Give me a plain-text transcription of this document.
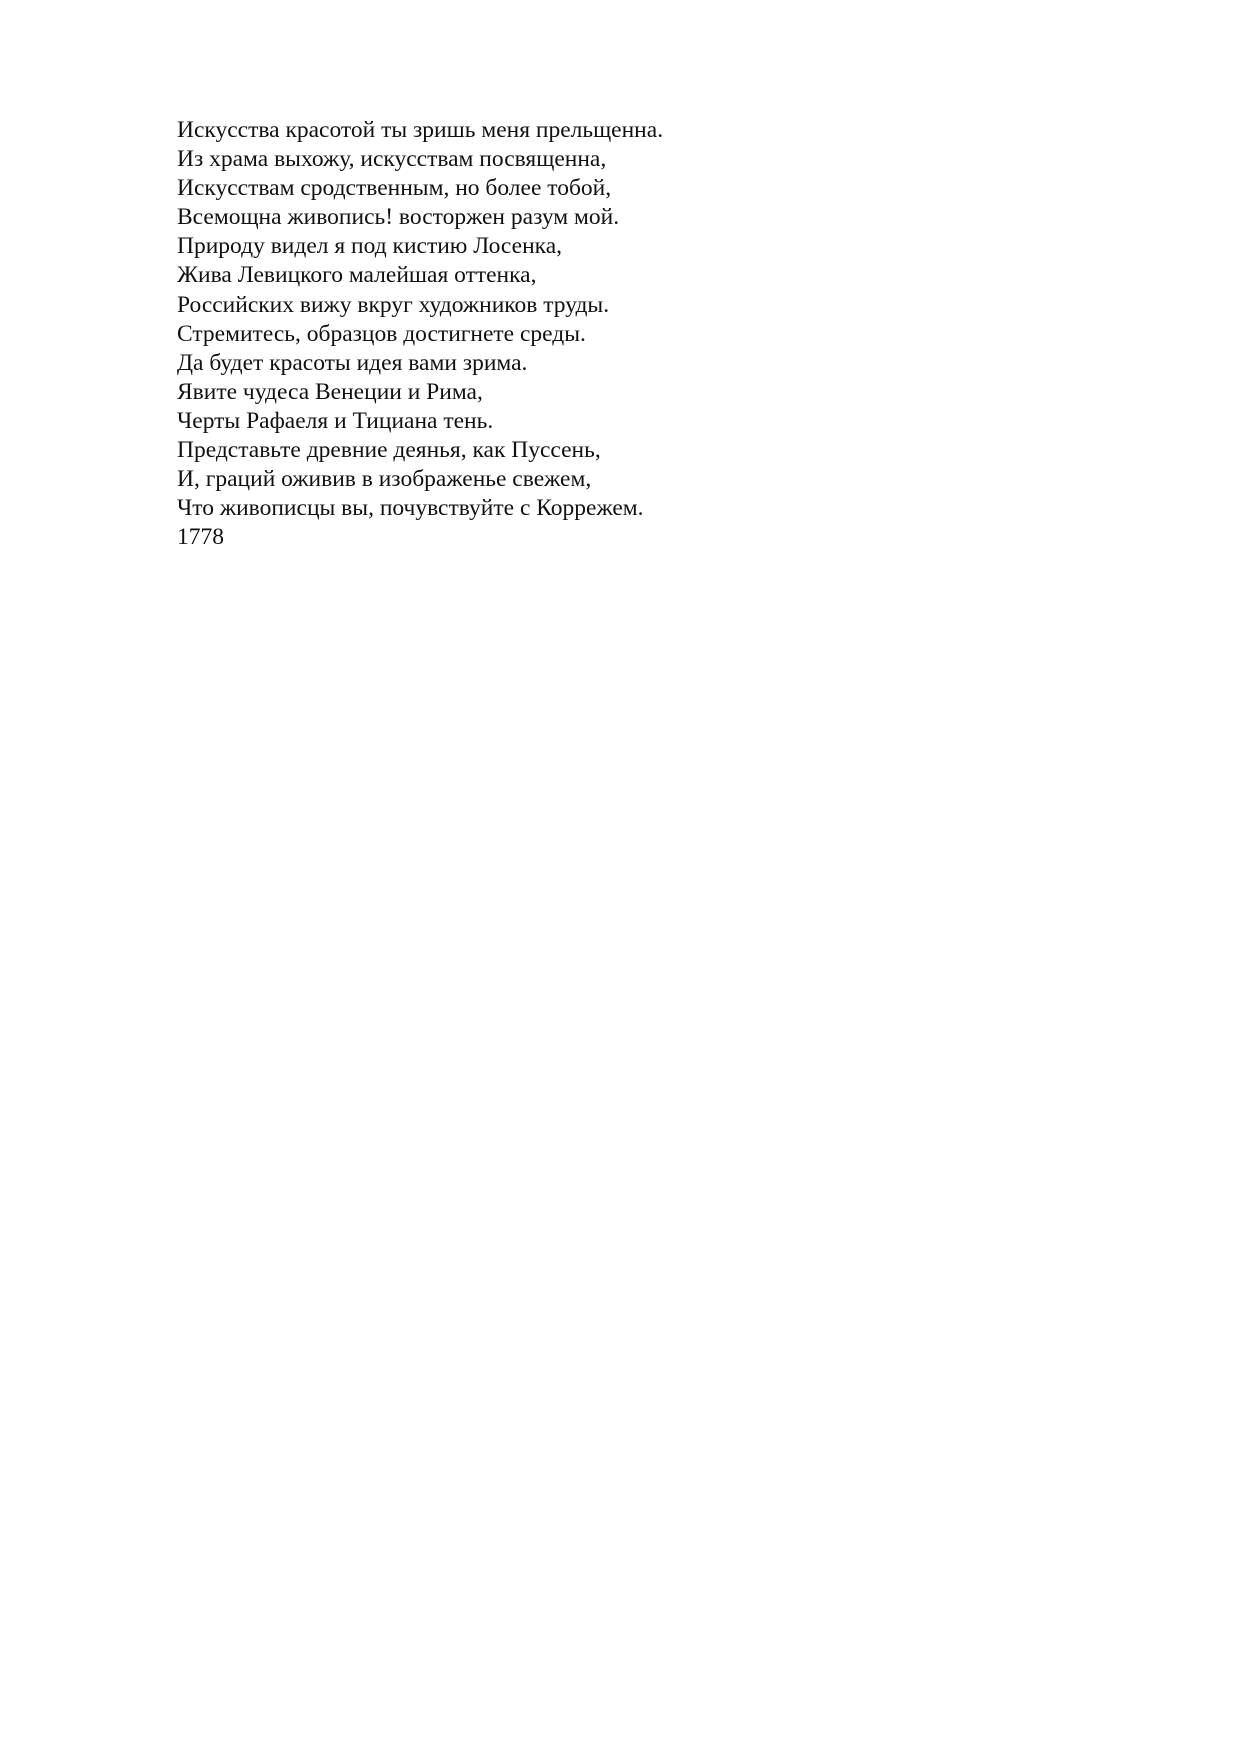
Искусства красотой ты зришь меня прельщенна.
Из храма выхожу, искусствам посвященна,
Искусствам сродственным, но более тобой,
Всемощна живопись! восторжен разум мой.
Природу видел я под кистию Лосенка,
Жива Левицкого малейшая оттенка,
Российских вижу вкруг художников труды.
Стремитесь, образцов достигнете среды.
Да будет красоты идея вами зрима.
Явите чудеса Венеции и Рима,
Черты Рафаеля и Тициана тень.
Представьте древние деянья, как Пуссень,
И, граций оживив в изображенье свежем,
Что живописцы вы, почувствуйте с Коррежем.
1778
